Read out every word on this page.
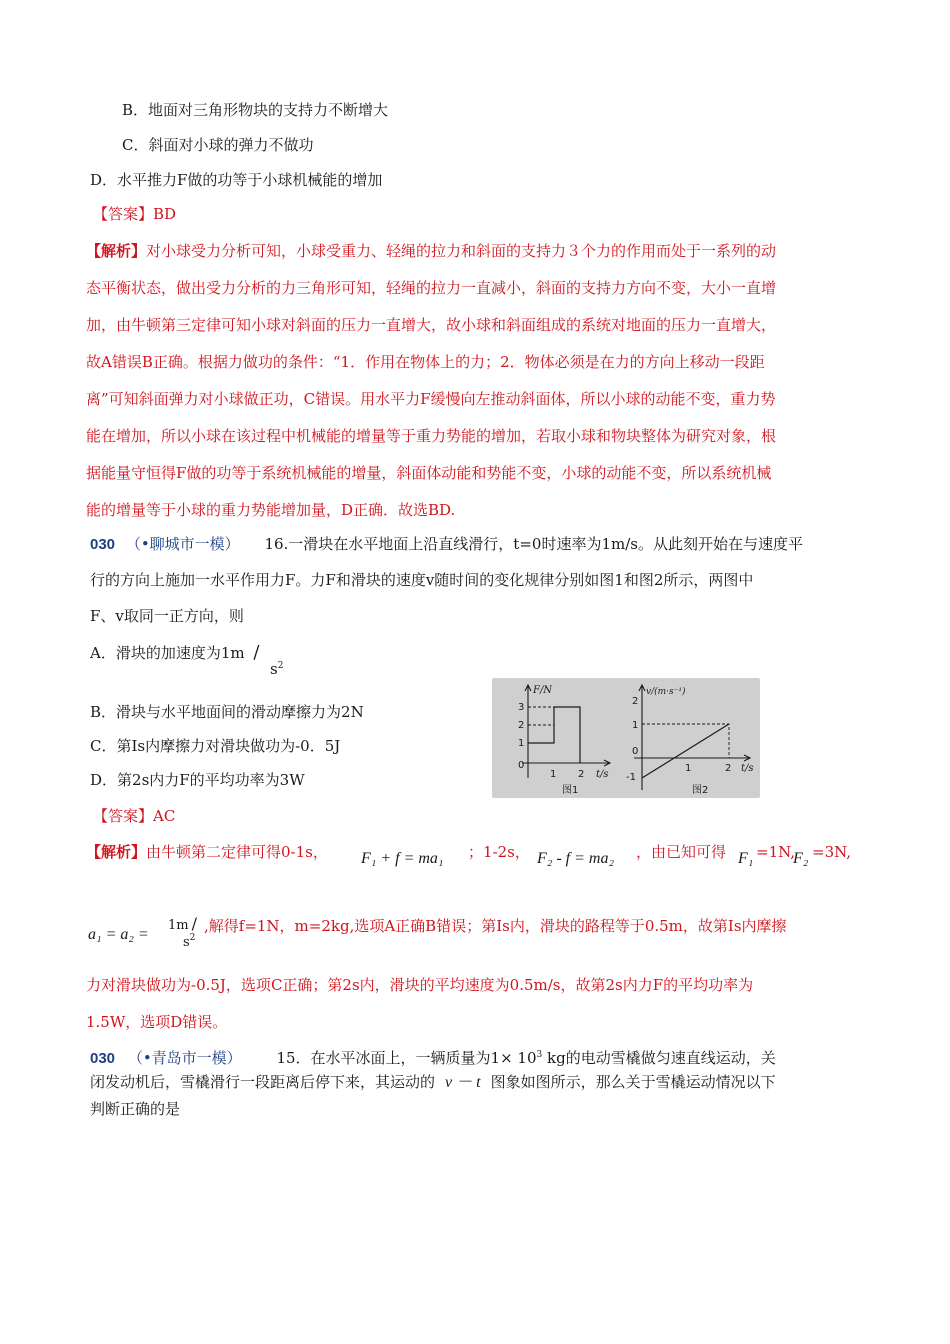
B．地面对三角形物块的支持力不断增大
C．斜面对小球的弹力不做功
D．水平推力F做的功等于小球机械能的增加
【答案】BD
【解析】对小球受力分析可知，小球受重力、轻绳的拉力和斜面的支持力３个力的作用而处于一系列的动
态平衡状态，做出受力分析的力三角形可知，轻绳的拉力一直减小，斜面的支持力方向不变，大小一直增
加，由牛顿第三定律可知小球对斜面的压力一直增大，故小球和斜面组成的系统对地面的压力一直增大，
故A错误B正确。根据力做功的条件：“1．作用在物体上的力；2．物体必须是在力的方向上移动一段距
离”可知斜面弹力对小球做正功，C错误。用水平力F缓慢向左推动斜面体，所以小球的动能不变，重力势
能在增加，所以小球在该过程中机械能的增量等于重力势能的增加，若取小球和物块整体为研究对象，根
据能量守恒得F做的功等于系统机械能的增量，斜面体动能和势能不变，小球的动能不变，所以系统机械
能的增量等于小球的重力势能增加量，D正确．故选BD.
030 （•聊城市一模） 16.一滑块在水平地面上沿直线滑行，t=0时速率为1m/s。从此刻开始在与速度平
行的方向上施加一水平作用力F。力F和滑块的速度v随时间的变化规律分别如图1和图2所示，两图中
F、v取同一正方向，则
A．滑块的加速度为1m /
$s^2$
B．滑块与水平地面间的滑动摩擦力为2N
C．第Is内摩擦力对滑块做功为-0．5J
D．第2s内力F的平均功率为3W
F/N
t/s
3
2
1
0
1 2
图1
v/(m·s⁻¹)
t/s
2
1
0
-1
1	2
图2
【答案】AC
【解析】由牛顿第二定律可得0-1s， F₁ + f = ma₁ ；1-2s， F₂ - f = ma₂ ，由已知可得 F₁ =1N,
F₂ =3N,
a₁ = a₂ =
1m /
$s^2$
,解得f=1N，m=2kg,选项A正确B错误；第Is内，滑块的路程等于0.5m，故第Is内摩擦
力对滑块做功为-0.5J，选项C正确；第2s内，滑块的平均速度为0.5m/s，故第2s内力F的平均功率为
1.5W，选项D错误。
030 （•青岛市一模） 15．在水平冰面上，一辆质量为$1\times 10^3$ kg的电动雪橇做匀速直线运动，关
闭发动机后，雪橇滑行一段距离后停下来，其运动的 v － t 图象如图所示，那么关于雪橇运动情况以下
判断正确的是
